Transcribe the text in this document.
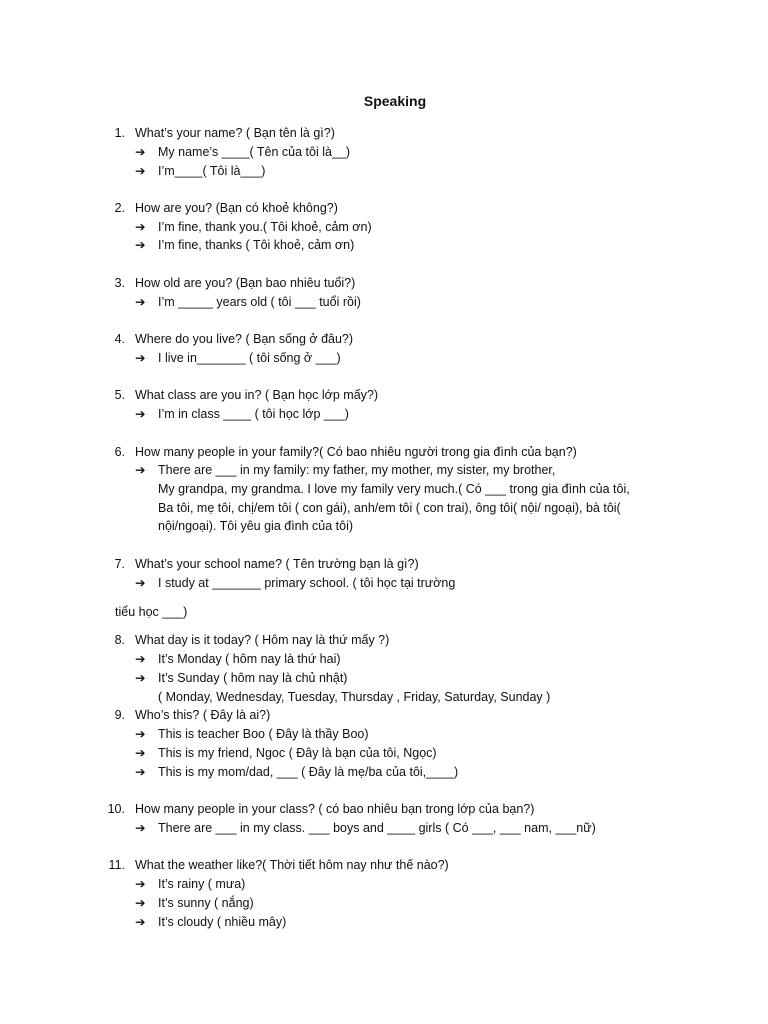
Speaking
1. What’s your name? ( Bạn tên là gì?)
➔ My name’s ____( Tên của tôi là__)
➔ I’m____( Tôi là___)
2. How are you? (Bạn có khoẻ không?)
➔ I’m fine, thank you.( Tôi khoẻ, cảm ơn)
➔ I’m fine, thanks ( Tôi khoẻ, cảm ơn)
3. How old are you? (Bạn bao nhiêu tuổi?)
➔ I’m _____ years old ( tôi ___ tuổi rồi)
4. Where do you live? ( Bạn sống ở đâu?)
➔ I live in_______ ( tôi sống ở ___)
5. What class are you in? ( Bạn học lớp mấy?)
➔ I’m in class ____ ( tôi học lớp ___)
6. How many people in your family?( Có bao nhiêu người trong gia đình của bạn?)
➔ There are ___ in my family: my father, my mother, my sister, my brother,
My grandpa, my grandma. I love my family very much.( Có ___ trong gia đình của tôi,
Ba tôi, mẹ tôi, chị/em tôi ( con gái), anh/em tôi ( con trai), ông tôi( nội/ ngoại), bà tôi(
nội/ngoại). Tôi yêu gia đình của tôi)
7. What’s your school name? ( Tên trường bạn là gì?)
➔ I study at _______ primary school. ( tôi học tại trường
tiểu học ___)
8. What day is it today? ( Hôm nay là thứ mấy ?)
➔ It’s Monday ( hôm nay là thứ hai)
➔ It’s Sunday ( hôm nay là chủ nhật)
( Monday, Wednesday, Tuesday, Thursday , Friday, Saturday, Sunday )
9. Who’s this? ( Đây là ai?)
➔ This is teacher Boo ( Đây là thầy Boo)
➔ This is my friend, Ngoc ( Đây là bạn của tôi, Ngọc)
➔ This is my mom/dad, ___ ( Đây là mẹ/ba của tôi,____)
10. How many people in your class? ( có bao nhiêu bạn trong lớp của bạn?)
➔ There are ___ in my class. ___ boys and ____ girls ( Có ___, ___ nam, ___nữ)
11. What the weather like?( Thời tiết hôm nay như thế nào?)
➔ It’s rainy ( mưa)
➔ It’s sunny ( nắng)
➔ It’s cloudy ( nhiều mây)
